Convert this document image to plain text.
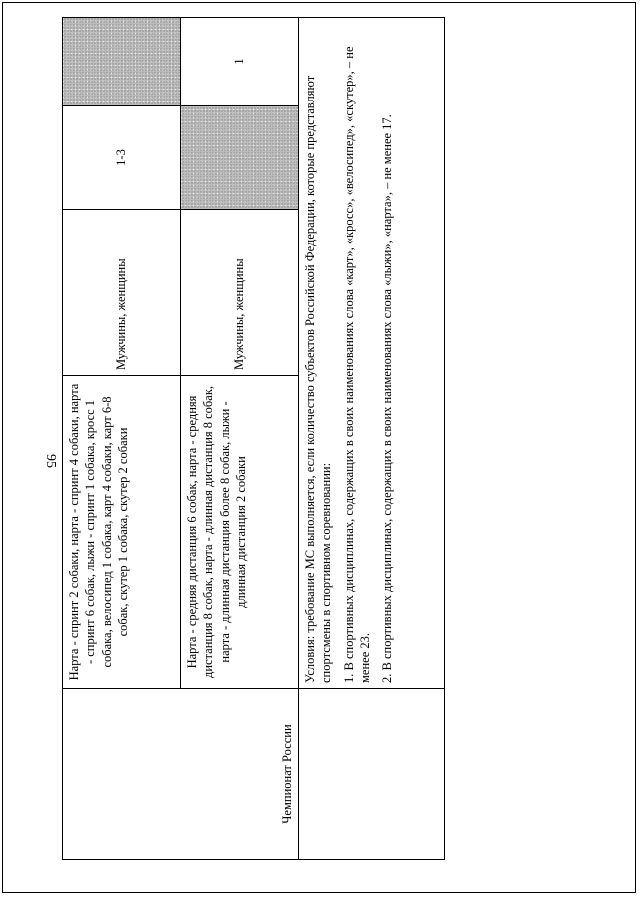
95
Чемпионат России	Нарта - спринт 2 собаки, нарта - спринт 4 собаки, нарта - спринт 6 собак, лыжи - спринт 1 собака, кросс 1 собака, велосипед 1 собака, карт 4 собаки, карт 6-8 собак, скутер 1 собака, скутер 2 собаки	Мужчины, женщины	1-3	
	Нарта - средняя дистанция 6 собак, нарта - средняя дистанция 8 собак, нарта - длинная дистанция 8 собак, нарта - длинная дистанция более 8 собак, лыжи - длинная дистанция 2 собаки	Мужчины, женщины		1

	Условия: требование МС выполняется, если количество субъектов Российской Федерации, которые представляют спортсмены в спортивном соревновании: 1. В спортивных дисциплинах, содержащих в своих наименованиях слова «карт», «кросс», «велосипед», «скутер», – не менее 23. 2. В спортивных дисциплинах, содержащих в своих наименованиях слова «лыжи», «нарта», – не менее 17.			
